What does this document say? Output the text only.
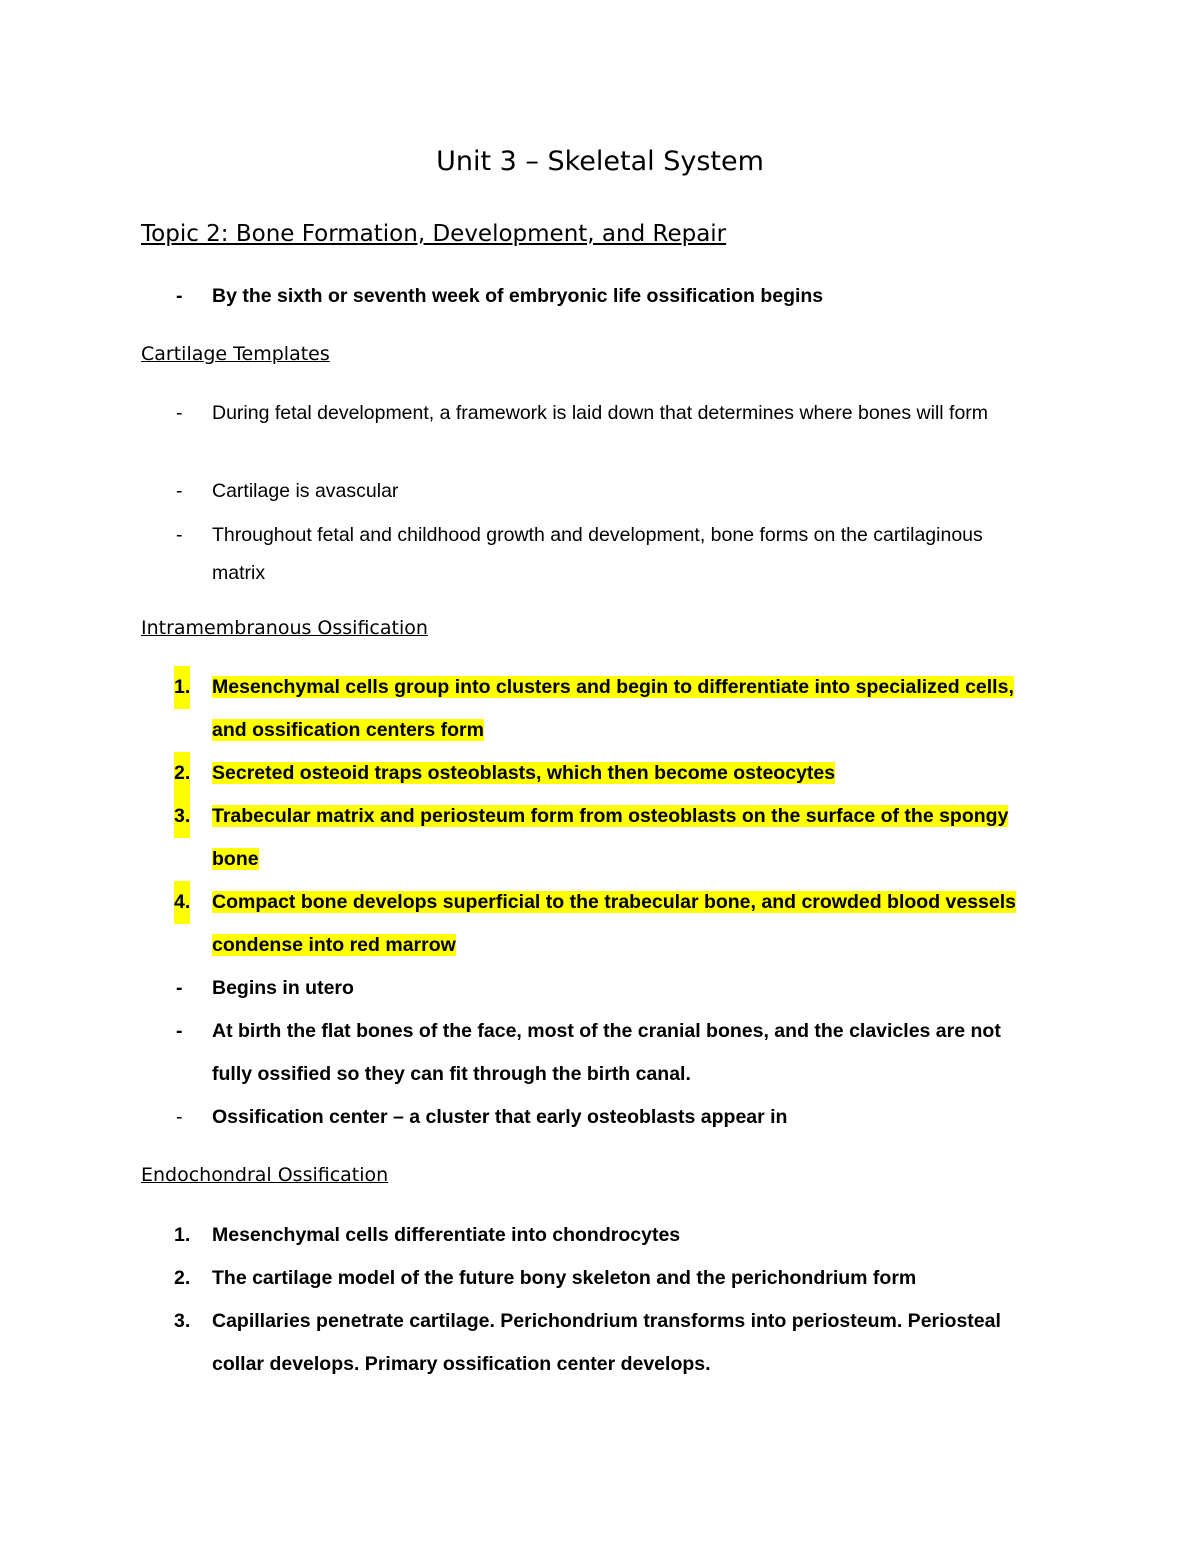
Unit 3 – Skeletal System
Topic 2: Bone Formation, Development, and Repair
- By the sixth or seventh week of embryonic life ossification begins
Cartilage Templates
- During fetal development, a framework is laid down that determines where bones will form
- Cartilage is avascular
- Throughout fetal and childhood growth and development, bone forms on the cartilaginous matrix
Intramembranous Ossification
1. Mesenchymal cells group into clusters and begin to differentiate into specialized cells, and ossification centers form
2. Secreted osteoid traps osteoblasts, which then become osteocytes
3. Trabecular matrix and periosteum form from osteoblasts on the surface of the spongy bone
4. Compact bone develops superficial to the trabecular bone, and crowded blood vessels condense into red marrow
- Begins in utero
- At birth the flat bones of the face, most of the cranial bones, and the clavicles are not fully ossified so they can fit through the birth canal.
- Ossification center – a cluster that early osteoblasts appear in
Endochondral Ossification
1. Mesenchymal cells differentiate into chondrocytes
2. The cartilage model of the future bony skeleton and the perichondrium form
3. Capillaries penetrate cartilage. Perichondrium transforms into periosteum. Periosteal collar develops. Primary ossification center develops.
